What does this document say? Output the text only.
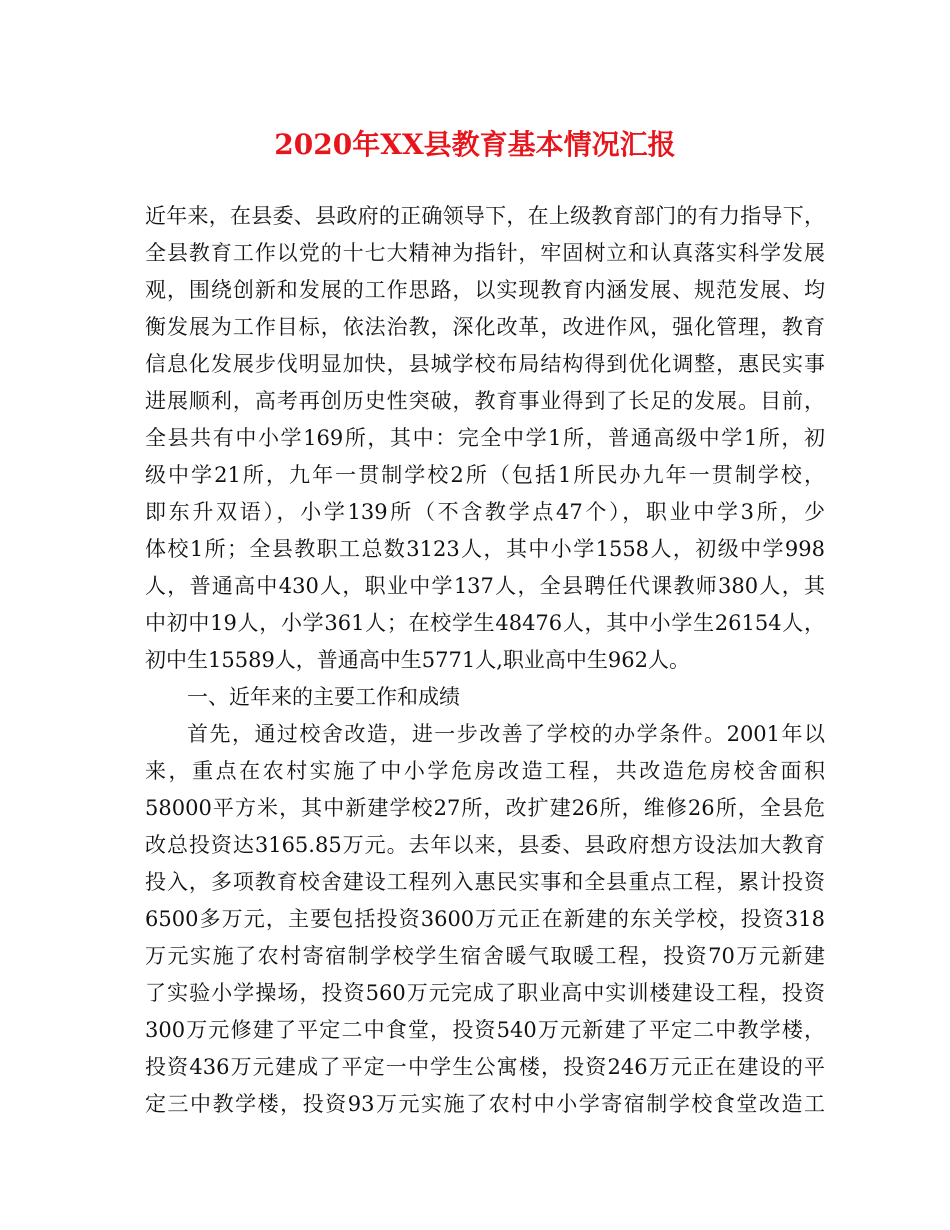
2020年XX县教育基本情况汇报
近年来，在县委、县政府的正确领导下，在上级教育部门的有力指导下，
全县教育工作以党的十七大精神为指针，牢固树立和认真落实科学发展
观，围绕创新和发展的工作思路，以实现教育内涵发展、规范发展、均
衡发展为工作目标，依法治教，深化改革，改进作风，强化管理，教育
信息化发展步伐明显加快，县城学校布局结构得到优化调整，惠民实事
进展顺利，高考再创历史性突破，教育事业得到了长足的发展。目前，
全县共有中小学169所，其中：完全中学1所，普通高级中学1所，初
级中学21所，九年一贯制学校2所（包括1所民办九年一贯制学校，
即东升双语），小学139所（不含教学点47个），职业中学3所，少
体校1所；全县教职工总数3123人，其中小学1558人，初级中学998
人，普通高中430人，职业中学137人，全县聘任代课教师380人，其
中初中19人，小学361人；在校学生48476人，其中小学生26154人，
初中生15589人，普通高中生5771人,职业高中生962人。
一、近年来的主要工作和成绩
首先，通过校舍改造，进一步改善了学校的办学条件。2001年以
来，重点在农村实施了中小学危房改造工程，共改造危房校舍面积
58000平方米，其中新建学校27所，改扩建26所，维修26所，全县危
改总投资达3165.85万元。去年以来，县委、县政府想方设法加大教育
投入，多项教育校舍建设工程列入惠民实事和全县重点工程，累计投资
6500多万元，主要包括投资3600万元正在新建的东关学校，投资318
万元实施了农村寄宿制学校学生宿舍暖气取暖工程，投资70万元新建
了实验小学操场，投资560万元完成了职业高中实训楼建设工程，投资
300万元修建了平定二中食堂，投资540万元新建了平定二中教学楼，
投资436万元建成了平定一中学生公寓楼，投资246万元正在建设的平
定三中教学楼，投资93万元实施了农村中小学寄宿制学校食堂改造工
